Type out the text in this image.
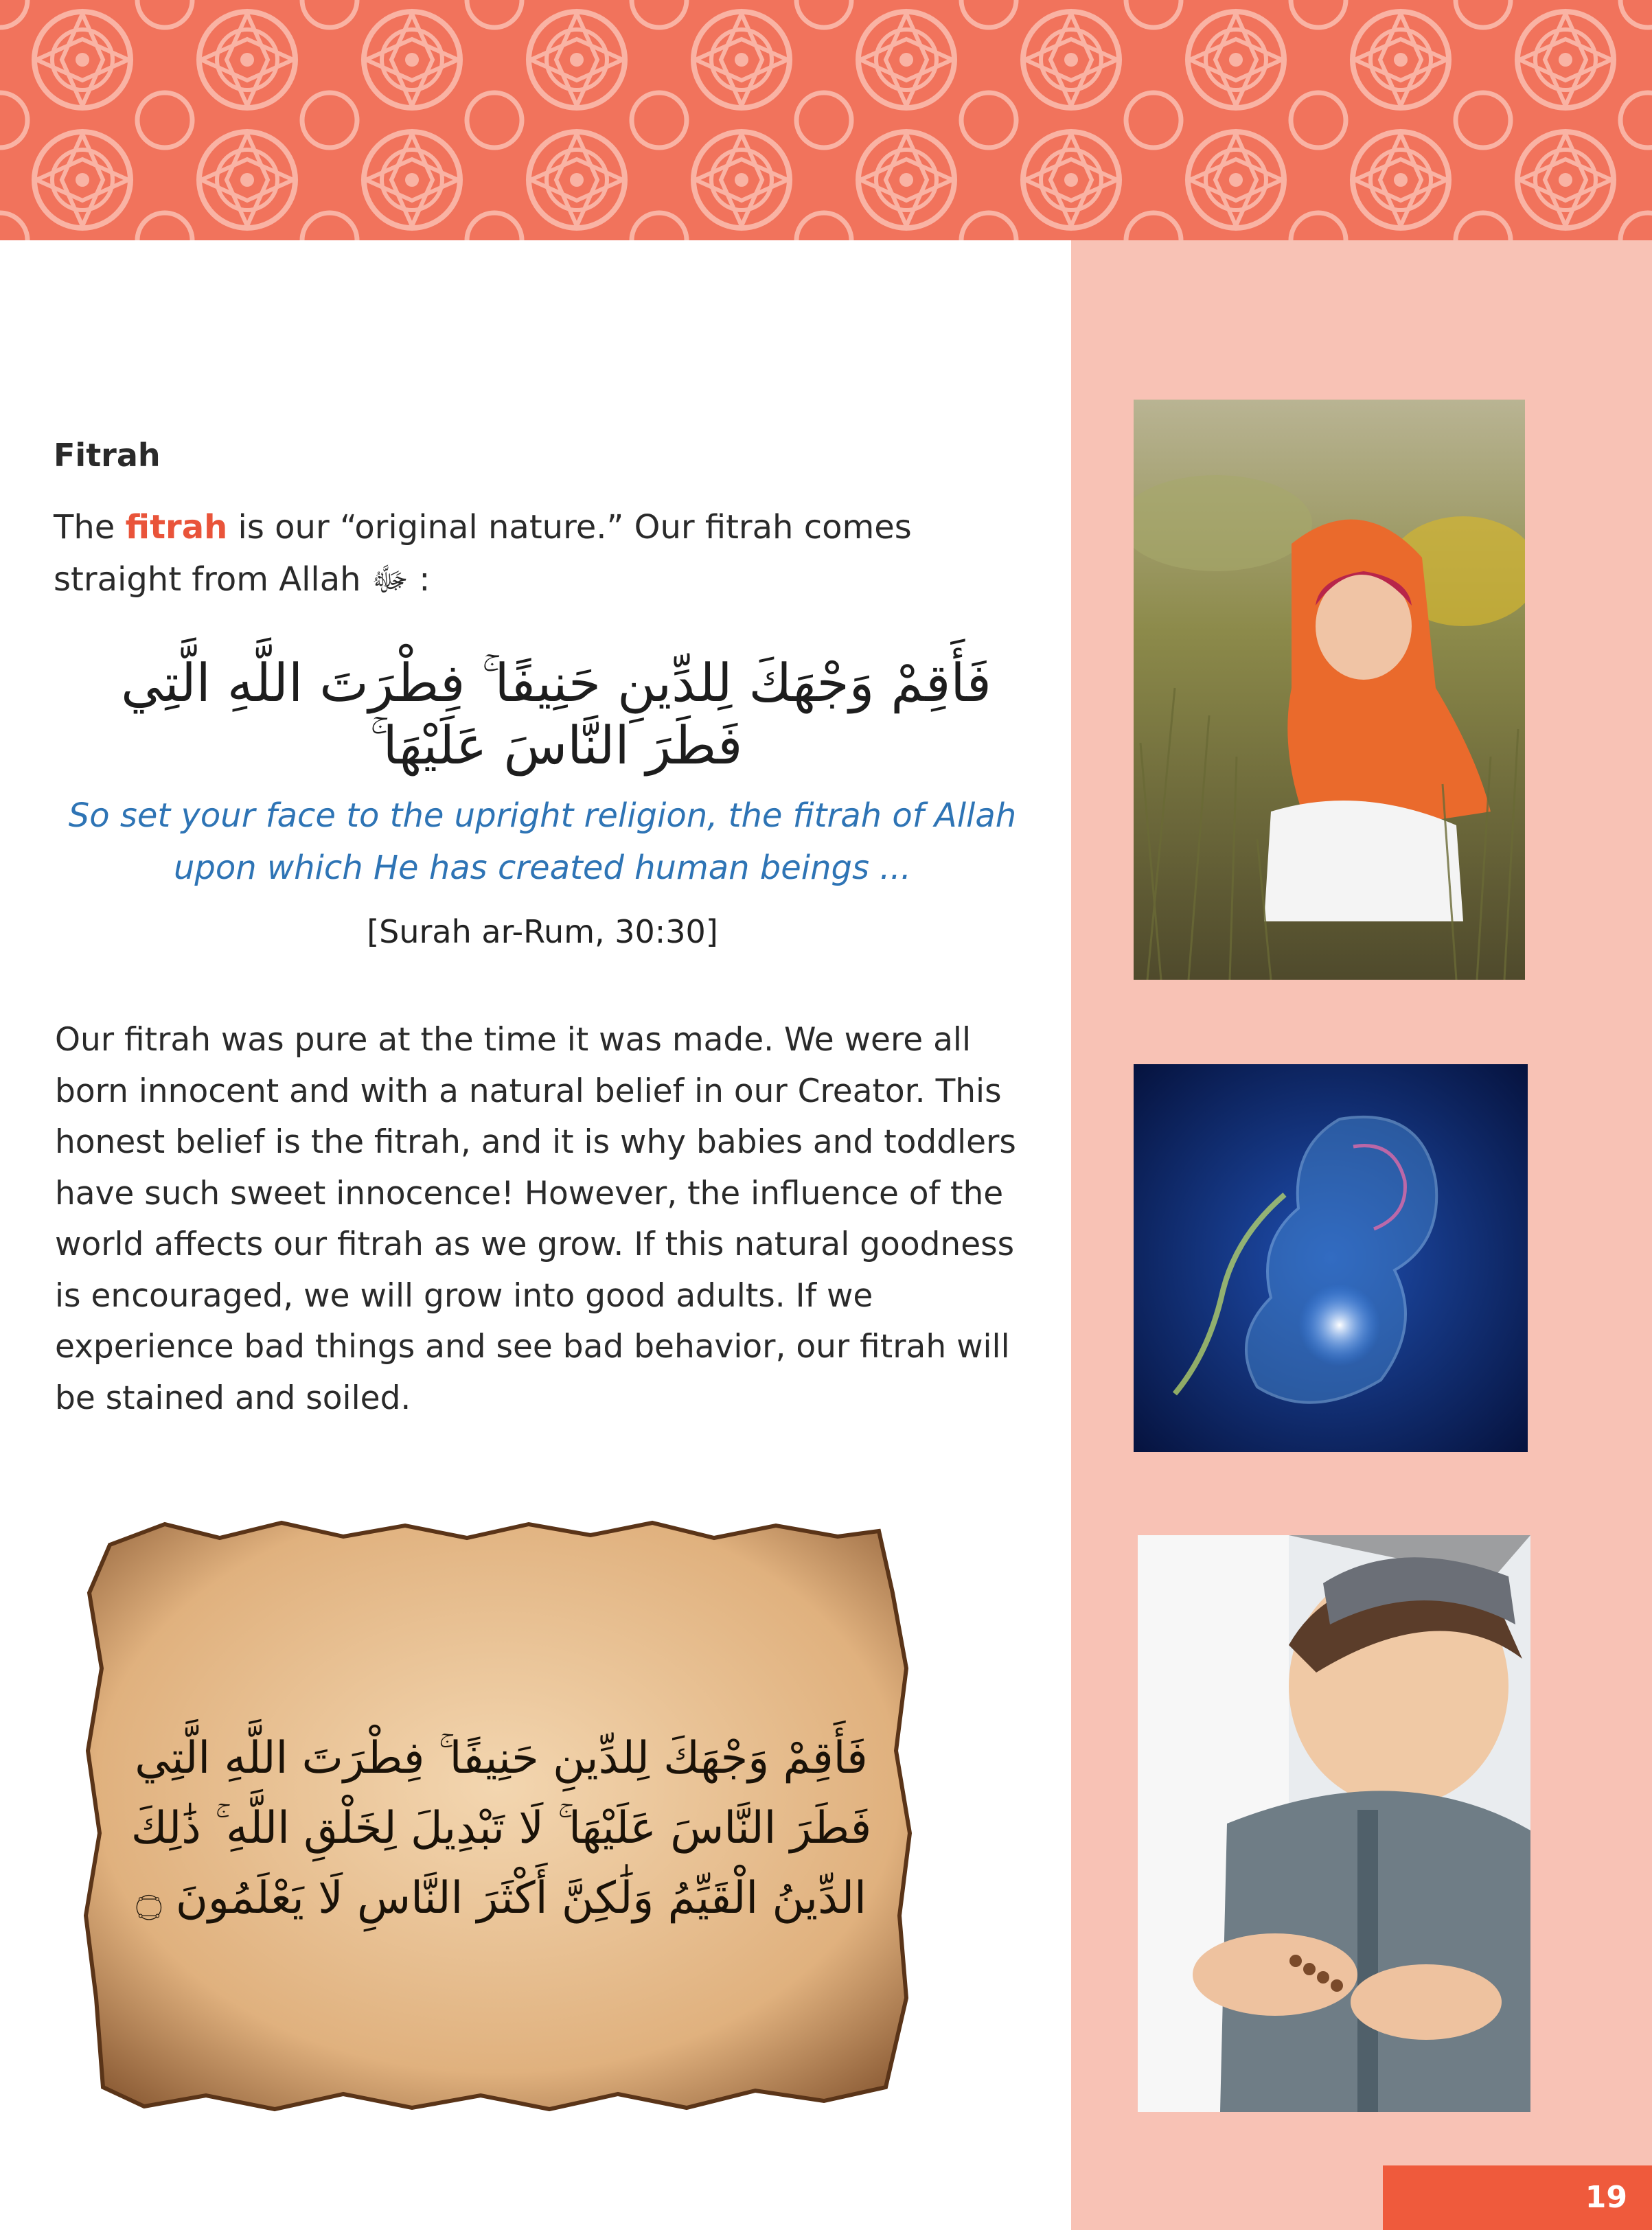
Fitrah
The fitrah is our “original nature.” Our fitrah comes straight from Allah ﷻ :
فَأَقِمْ وَجْهَكَ لِلدِّينِ حَنِيفًا ۚ فِطْرَتَ اللَّهِ الَّتِي فَطَرَ النَّاسَ عَلَيْهَا ۚ
So set your face to the upright religion, the fitrah of Allah upon which He has created human beings ...
[Surah ar-Rum, 30:30]
Our fitrah was pure at the time it was made. We were all born innocent and with a natural belief in our Creator. This honest belief is the fitrah, and it is why babies and toddlers have such sweet innocence! However, the influence of the world affects our fitrah as we grow. If this natural goodness is encouraged, we will grow into good adults. If we experience bad things and see bad behavior, our fitrah will be stained and soiled.
فَأَقِمْ وَجْهَكَ لِلدِّينِ حَنِيفًا ۚ فِطْرَتَ اللَّهِ الَّتِي فَطَرَ النَّاسَ عَلَيْهَا ۚ لَا تَبْدِيلَ لِخَلْقِ اللَّهِ ۚ ذَٰلِكَ الدِّينُ الْقَيِّمُ وَلَٰكِنَّ أَكْثَرَ النَّاسِ لَا يَعْلَمُونَ ۝
19
